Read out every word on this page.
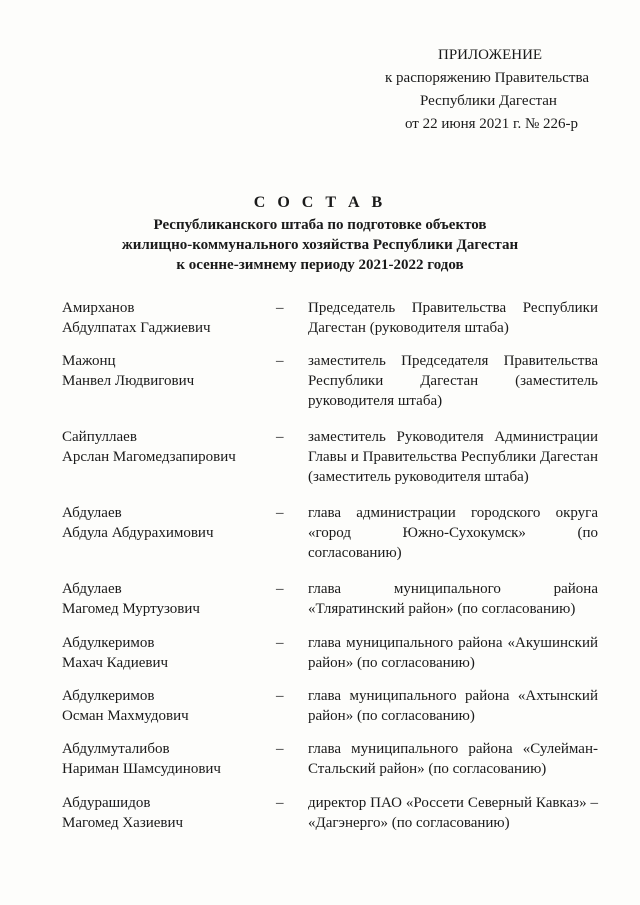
ПРИЛОЖЕНИЕ
к распоряжению Правительства
Республики Дагестан
от 22 июня 2021 г. № 226-р
С О С Т А В
Республиканского штаба по подготовке объектов
жилищно-коммунального хозяйства Республики Дагестан
к осенне-зимнему периоду 2021-2022 годов
Амирханов
Абдулпатах Гаджиевич
–	Председатель Правительства Республики Дагестан (руководителя штаба)
Мажонц
Манвел Людвигович
–	заместитель Председателя Правительства Республики Дагестан (заместитель руководителя штаба)
Сайпуллаев
Арслан Магомедзапирович
–	заместитель Руководителя Администрации Главы и Правительства Республики Дагестан (заместитель руководителя штаба)
Абдулаев
Абдула Абдурахимович
–	глава администрации городского округа «город Южно-Сухокумск» (по согласованию)
Абдулаев
Магомед Муртузович
–	глава муниципального района «Тляратинский район» (по согласованию)
Абдулкеримов
Махач Кадиевич
–	глава муниципального района «Акушинский район» (по согласованию)
Абдулкеримов
Осман Махмудович
–	глава муниципального района «Ахтынский район» (по согласованию)
Абдулмуталибов
Нариман Шамсудинович
–	глава муниципального района «Сулейман-Стальский район» (по согласованию)
Абдурашидов
Магомед Хазиевич
–	директор ПАО «Россети Северный Кавказ» – «Дагэнерго» (по согласованию)
